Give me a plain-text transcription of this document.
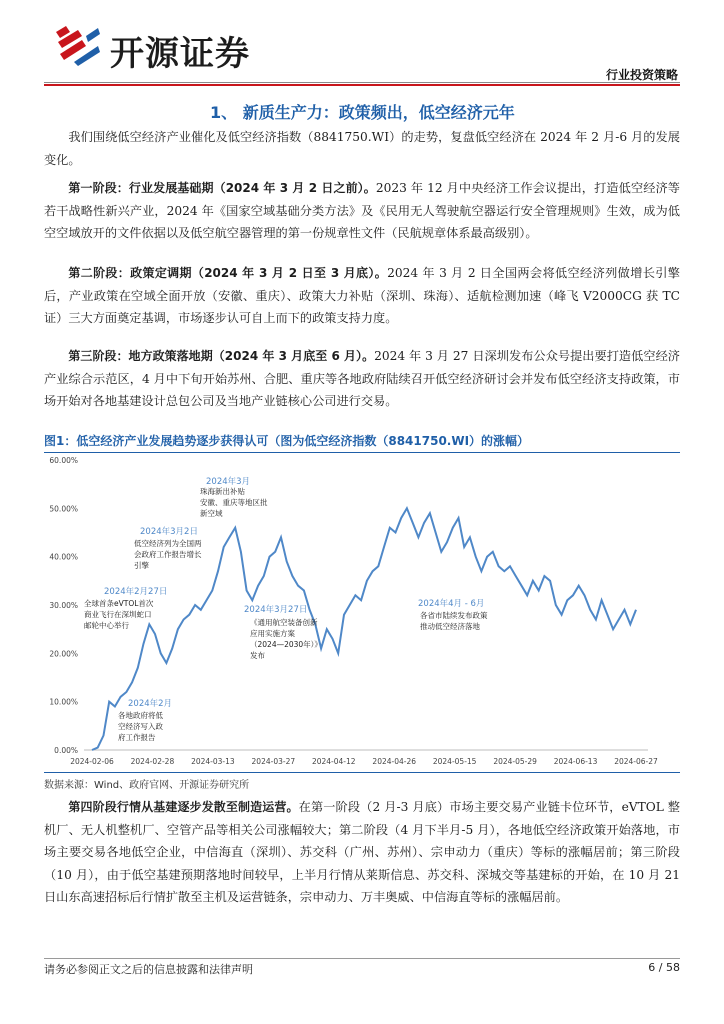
开源证券
行业投资策略
1、 新质生产力：政策频出，低空经济元年
我们围绕低空经济产业催化及低空经济指数（8841750.WI）的走势，复盘低空经济在 2024 年 2 月-6 月的发展变化。
第一阶段：行业发展基础期（2024 年 3 月 2 日之前）。2023 年 12 月中央经济工作会议提出，打造低空经济等若干战略性新兴产业，2024 年《国家空域基础分类方法》及《民用无人驾驶航空器运行安全管理规则》生效，成为低空空域放开的文件依据以及低空航空器管理的第一份规章性文件（民航规章体系最高级别）。
第二阶段：政策定调期（2024 年 3 月 2 日至 3 月底）。2024 年 3 月 2 日全国两会将低空经济列做增长引擎后，产业政策在空域全面开放（安徽、重庆）、政策大力补贴（深圳、珠海）、适航检测加速（峰飞 V2000CG 获 TC 证）三大方面奠定基调，市场逐步认可自上而下的政策支持力度。
第三阶段：地方政策落地期（2024 年 3 月底至 6 月）。2024 年 3 月 27 日深圳发布公众号提出要打造低空经济产业综合示范区，4 月中下旬开始苏州、合肥、重庆等各地政府陆续召开低空经济研讨会并发布低空经济支持政策，市场开始对各地基建设计总包公司及当地产业链核心公司进行交易。
图1：低空经济产业发展趋势逐步获得认可（图为低空经济指数（8841750.WI）的涨幅）
0.00%
10.00%
20.00%
30.00%
40.00%
50.00%
60.00%
2024-02-06 2024-02-28 2024-03-13 2024-03-27 2024-04-12 2024-04-26 2024-05-15 2024-05-29 2024-06-13 2024-06-27
2024年2月
各地政府将低
空经济写入政
府工作报告
2024年2月27日
全球首条eVTOL首次
商业飞行在深圳蛇口
邮轮中心举行
2024年3月2日
低空经济列为全国两
会政府工作报告增长
引擎
2024年3月
珠海新出补贴
安徽、重庆等地区批
新空域
2024年3月27日
《通用航空装备创新
应用实施方案
（2024—2030年）》
发布
2024年4月 - 6月
各省市陆续发布政策
推动低空经济落地
数据来源：Wind、政府官网、开源证券研究所
第四阶段行情从基建逐步发散至制造运营。在第一阶段（2 月-3 月底）市场主要交易产业链卡位环节，eVTOL 整机厂、无人机整机厂、空管产品等相关公司涨幅较大；第二阶段（4 月下半月-5 月），各地低空经济政策开始落地，市场主要交易各地低空企业，中信海直（深圳）、苏交科（广州、苏州）、宗申动力（重庆）等标的涨幅居前；第三阶段（10 月），由于低空基建预期落地时间较早，上半月行情从莱斯信息、苏交科、深城交等基建标的开始，在 10 月 21 日山东高速招标后行情扩散至主机及运营链条，宗申动力、万丰奥威、中信海直等标的涨幅居前。
请务必参阅正文之后的信息披露和法律声明	6 / 58
